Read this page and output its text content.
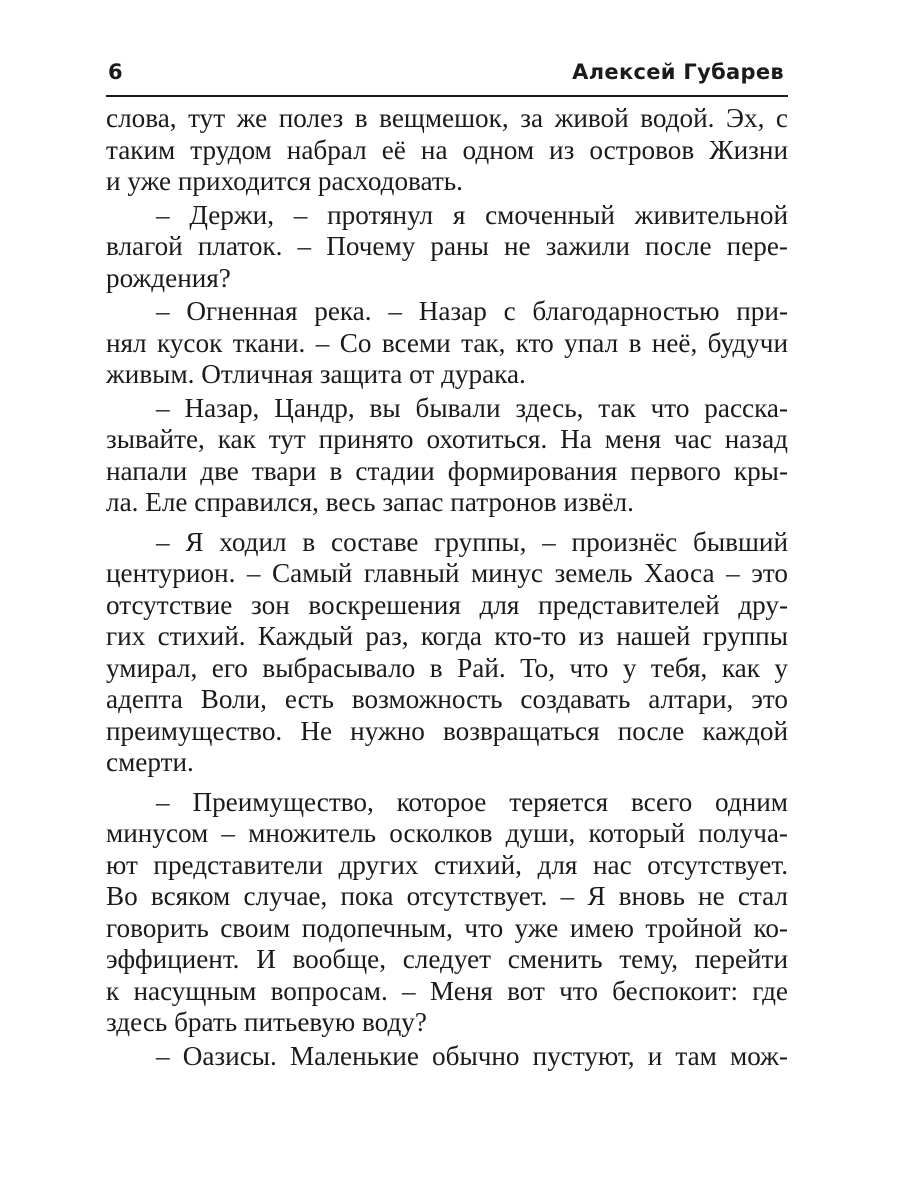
6	Алексей Губарев
слова, тут же полез в вещмешок, за живой водой. Эх, с
таким трудом набрал её на одном из островов Жизни
и уже приходится расходовать.
– Держи, – протянул я смоченный живительной
влагой платок. – Почему раны не зажили после пере-
рождения?
– Огненная река. – Назар с благодарностью при-
нял кусок ткани. – Со всеми так, кто упал в неё, будучи
живым. Отличная защита от дурака.
– Назар, Цандр, вы бывали здесь, так что расска-
зывайте, как тут принято охотиться. На меня час назад
напали две твари в стадии формирования первого кры-
ла. Еле справился, весь запас патронов извёл.
– Я ходил в составе группы, – произнёс бывший
центурион. – Самый главный минус земель Хаоса – это
отсутствие зон воскрешения для представителей дру-
гих стихий. Каждый раз, когда кто-то из нашей группы
умирал, его выбрасывало в Рай. То, что у тебя, как у
адепта Воли, есть возможность создавать алтари, это
преимущество. Не нужно возвращаться после каждой
смерти.
– Преимущество, которое теряется всего одним
минусом – множитель осколков души, который получа-
ют представители других стихий, для нас отсутствует.
Во всяком случае, пока отсутствует. – Я вновь не стал
говорить своим подопечным, что уже имею тройной ко-
эффициент. И вообще, следует сменить тему, перейти
к насущным вопросам. – Меня вот что беспокоит: где
здесь брать питьевую воду?
– Оазисы. Маленькие обычно пустуют, и там мож-
